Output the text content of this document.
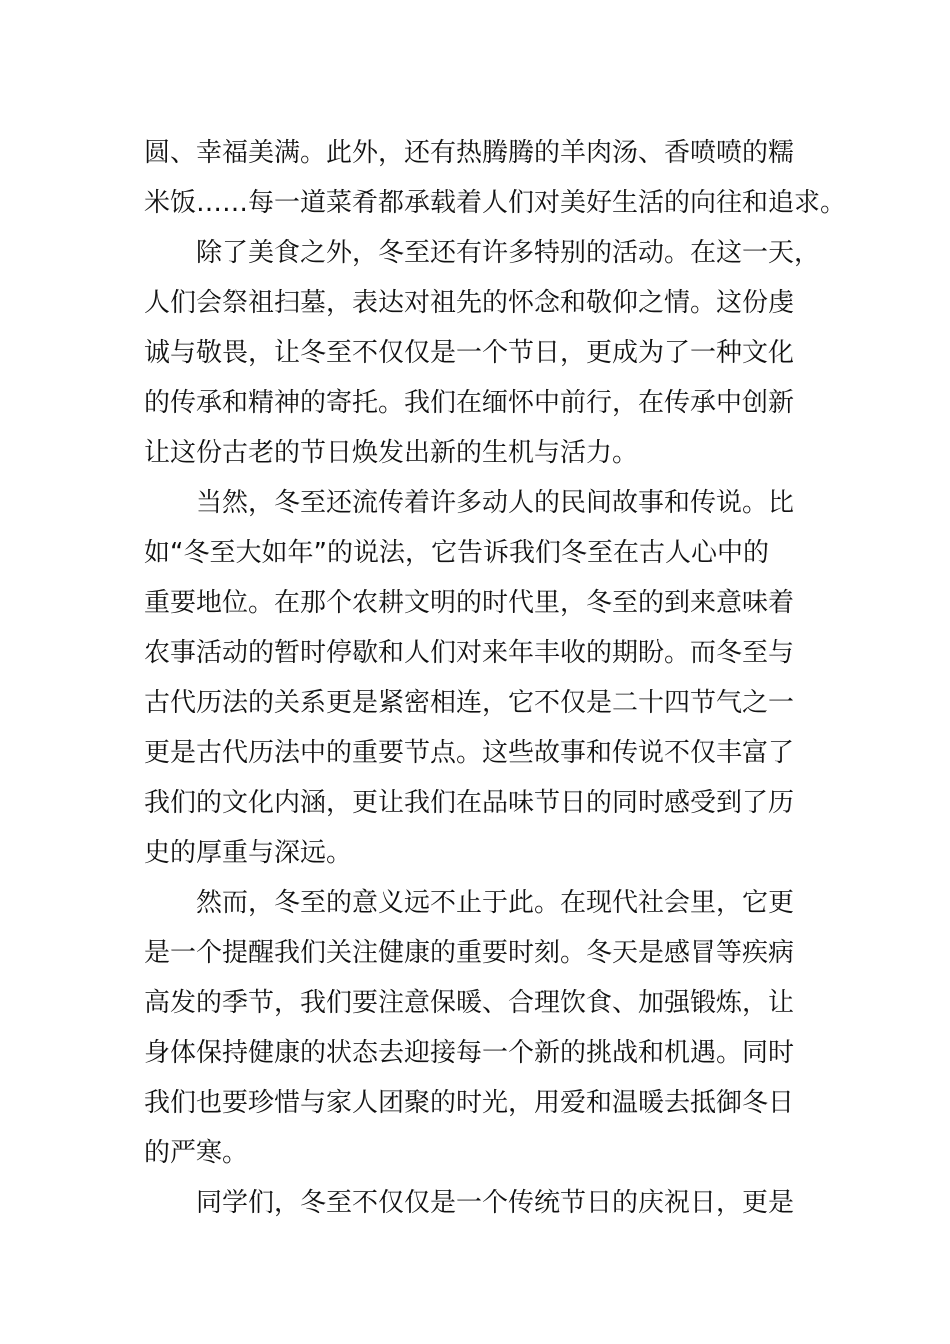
圆、幸福美满。此外，还有热腾腾的羊肉汤、香喷喷的糯
米饭……每一道菜肴都承载着人们对美好生活的向往和追求。
除了美食之外，冬至还有许多特别的活动。在这一天，
人们会祭祖扫墓，表达对祖先的怀念和敬仰之情。这份虔
诚与敬畏，让冬至不仅仅是一个节日，更成为了一种文化
的传承和精神的寄托。我们在缅怀中前行，在传承中创新
让这份古老的节日焕发出新的生机与活力。
当然，冬至还流传着许多动人的民间故事和传说。比
如“冬至大如年”的说法，它告诉我们冬至在古人心中的
重要地位。在那个农耕文明的时代里，冬至的到来意味着
农事活动的暂时停歇和人们对来年丰收的期盼。而冬至与
古代历法的关系更是紧密相连，它不仅是二十四节气之一
更是古代历法中的重要节点。这些故事和传说不仅丰富了
我们的文化内涵，更让我们在品味节日的同时感受到了历
史的厚重与深远。
然而，冬至的意义远不止于此。在现代社会里，它更
是一个提醒我们关注健康的重要时刻。冬天是感冒等疾病
高发的季节，我们要注意保暖、合理饮食、加强锻炼，让
身体保持健康的状态去迎接每一个新的挑战和机遇。同时
我们也要珍惜与家人团聚的时光，用爱和温暖去抵御冬日
的严寒。
同学们，冬至不仅仅是一个传统节日的庆祝日，更是
